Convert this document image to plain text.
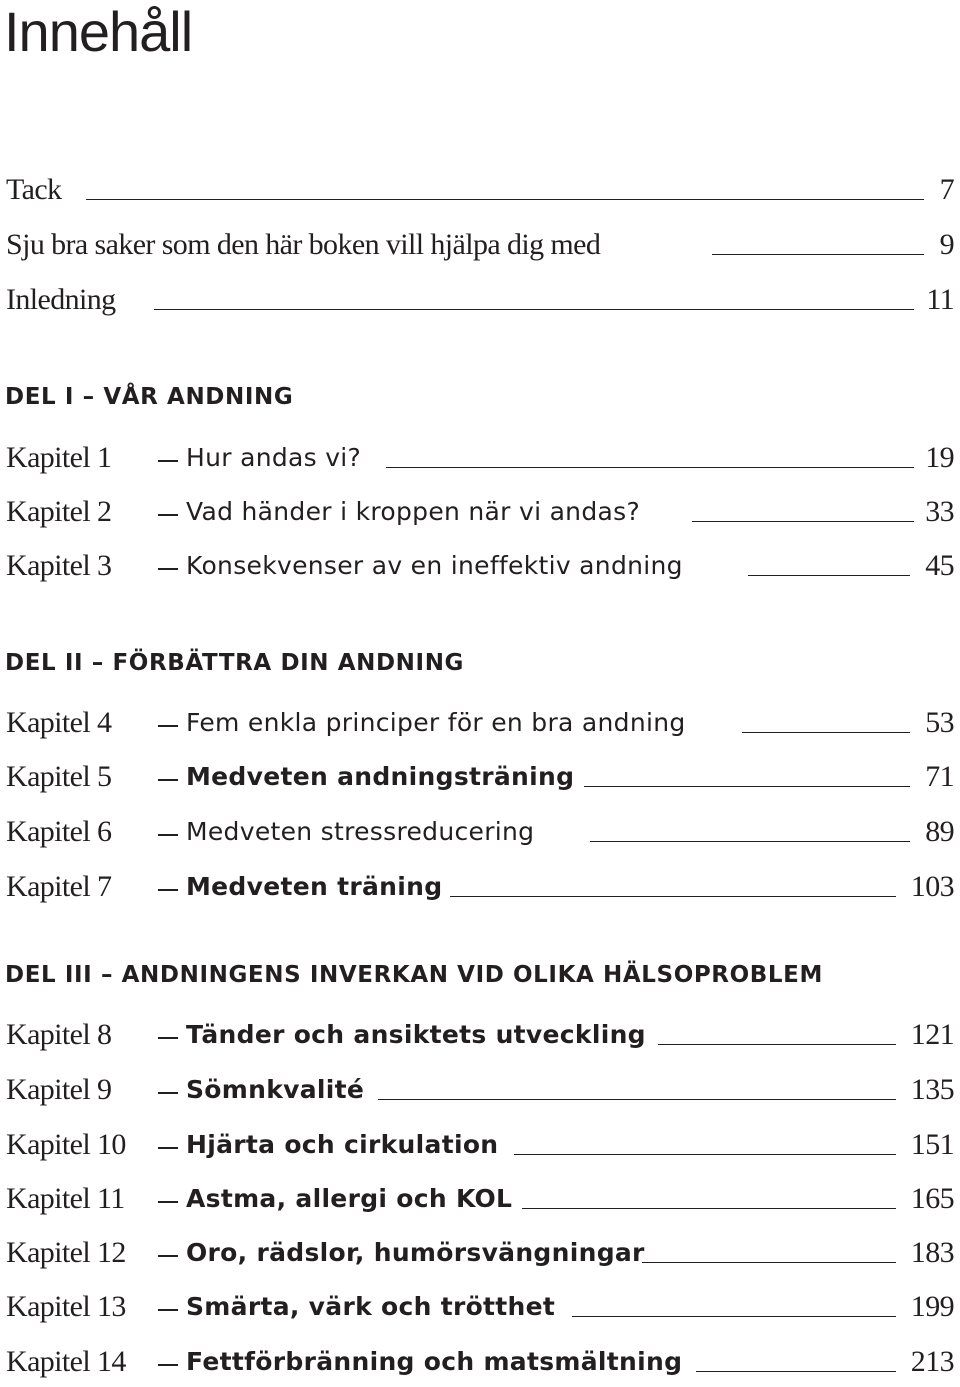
Innehåll
Tack	7
Sju bra saker som den här boken vill hjälpa dig med	9
Inledning	11
DEL I – VÅR ANDNING
Kapitel 1	Hur andas vi?	19
Kapitel 2	Vad händer i kroppen när vi andas?	33
Kapitel 3	Konsekvenser av en ineffektiv andning	45
DEL II – FÖRBÄTTRA DIN ANDNING
Kapitel 4	Fem enkla principer för en bra andning	53
Kapitel 5	Medveten andningsträning	71
Kapitel 6	Medveten stressreducering	89
Kapitel 7	Medveten träning	103
DEL III – ANDNINGENS INVERKAN VID OLIKA HÄLSOPROBLEM
Kapitel 8	Tänder och ansiktets utveckling	121
Kapitel 9	Sömnkvalité	135
Kapitel 10 Hjärta och cirkulation	151
Kapitel 11 Astma, allergi och KOL	165
Kapitel 12 Oro, rädslor, humörsvängningar	183
Kapitel 13 Smärta, värk och trötthet	199
Kapitel 14 Fettförbränning och matsmältning	213
